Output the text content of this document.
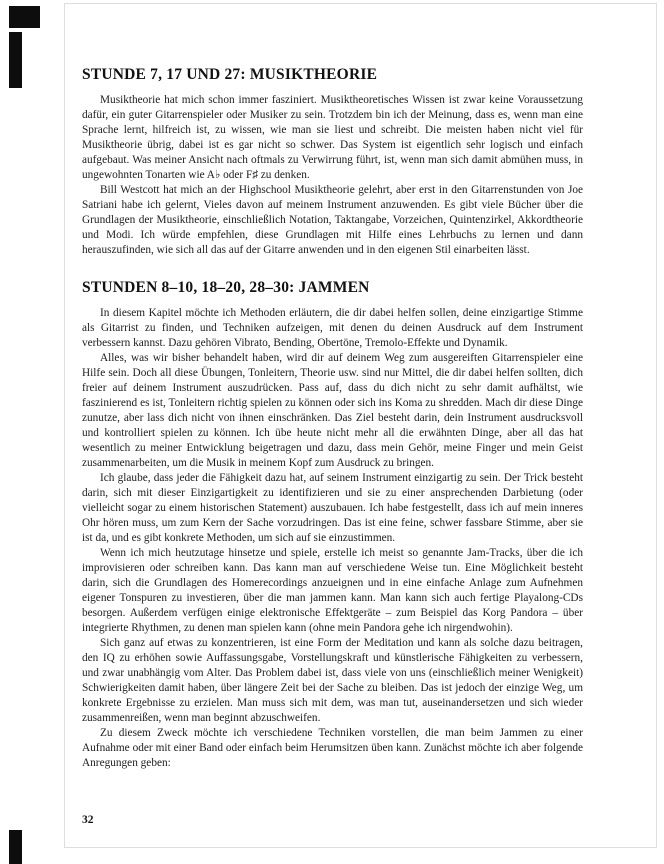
STUNDE 7, 17 UND 27: MUSIKTHEORIE

Musiktheorie hat mich schon immer fasziniert. Musiktheoretisches Wissen ist zwar keine Voraussetzung dafür, ein guter Gitarrenspieler oder Musiker zu sein. Trotzdem bin ich der Meinung, dass es, wenn man eine Sprache lernt, hilfreich ist, zu wissen, wie man sie liest und schreibt. Die meisten haben nicht viel für Musiktheorie übrig, dabei ist es gar nicht so schwer. Das System ist eigentlich sehr logisch und einfach aufgebaut. Was meiner Ansicht nach oftmals zu Verwirrung führt, ist, wenn man sich damit abmühen muss, in ungewohnten Tonarten wie A♭ oder F♯ zu denken.

Bill Westcott hat mich an der Highschool Musiktheorie gelehrt, aber erst in den Gitarrenstunden von Joe Satriani habe ich gelernt, Vieles davon auf meinem Instrument anzuwenden. Es gibt viele Bücher über die Grundlagen der Musiktheorie, einschließlich Notation, Taktangabe, Vorzeichen, Quintenzirkel, Akkordtheorie und Modi. Ich würde empfehlen, diese Grundlagen mit Hilfe eines Lehrbuchs zu lernen und dann herauszufinden, wie sich all das auf der Gitarre anwenden und in den eigenen Stil einarbeiten lässt.

STUNDEN 8–10, 18–20, 28–30: JAMMEN

In diesem Kapitel möchte ich Methoden erläutern, die dir dabei helfen sollen, deine einzigartige Stimme als Gitarrist zu finden, und Techniken aufzeigen, mit denen du deinen Ausdruck auf dem Instrument verbessern kannst. Dazu gehören Vibrato, Bending, Obertöne, Tremolo-Effekte und Dynamik.

Alles, was wir bisher behandelt haben, wird dir auf deinem Weg zum ausgereiften Gitarrenspieler eine Hilfe sein. Doch all diese Übungen, Tonleitern, Theorie usw. sind nur Mittel, die dir dabei helfen sollten, dich freier auf deinem Instrument auszudrücken. Pass auf, dass du dich nicht zu sehr damit aufhältst, wie faszinierend es ist, Tonleitern richtig spielen zu können oder sich ins Koma zu shredden. Mach dir diese Dinge zunutze, aber lass dich nicht von ihnen einschränken. Das Ziel besteht darin, dein Instrument ausdrucksvoll und kontrolliert spielen zu können. Ich übe heute nicht mehr all die erwähnten Dinge, aber all das hat wesentlich zu meiner Entwicklung beigetragen und dazu, dass mein Gehör, meine Finger und mein Geist zusammenarbeiten, um die Musik in meinem Kopf zum Ausdruck zu bringen.

Ich glaube, dass jeder die Fähigkeit dazu hat, auf seinem Instrument einzigartig zu sein. Der Trick besteht darin, sich mit dieser Einzigartigkeit zu identifizieren und sie zu einer ansprechenden Darbietung (oder vielleicht sogar zu einem historischen Statement) auszubauen. Ich habe festgestellt, dass ich auf mein inneres Ohr hören muss, um zum Kern der Sache vorzudringen. Das ist eine feine, schwer fassbare Stimme, aber sie ist da, und es gibt konkrete Methoden, um sich auf sie einzustimmen.

Wenn ich mich heutzutage hinsetze und spiele, erstelle ich meist so genannte Jam-Tracks, über die ich improvisieren oder schreiben kann. Das kann man auf verschiedene Weise tun. Eine Möglichkeit besteht darin, sich die Grundlagen des Homerecordings anzueignen und in eine einfache Anlage zum Aufnehmen eigener Tonspuren zu investieren, über die man jammen kann. Man kann sich auch fertige Playalong-CDs besorgen. Außerdem verfügen einige elektronische Effektgeräte – zum Beispiel das Korg Pandora – über integrierte Rhythmen, zu denen man spielen kann (ohne mein Pandora gehe ich nirgendwohin).

Sich ganz auf etwas zu konzentrieren, ist eine Form der Meditation und kann als solche dazu beitragen, den IQ zu erhöhen sowie Auffassungsgabe, Vorstellungskraft und künstlerische Fähigkeiten zu verbessern, und zwar unabhängig vom Alter. Das Problem dabei ist, dass viele von uns (einschließlich meiner Wenigkeit) Schwierigkeiten damit haben, über längere Zeit bei der Sache zu bleiben. Das ist jedoch der einzige Weg, um konkrete Ergebnisse zu erzielen. Man muss sich mit dem, was man tut, auseinandersetzen und sich wieder zusammenreißen, wenn man beginnt abzuschweifen.

Zu diesem Zweck möchte ich verschiedene Techniken vorstellen, die man beim Jammen zu einer Aufnahme oder mit einer Band oder einfach beim Herumsitzen üben kann. Zunächst möchte ich aber folgende Anregungen geben:

32
